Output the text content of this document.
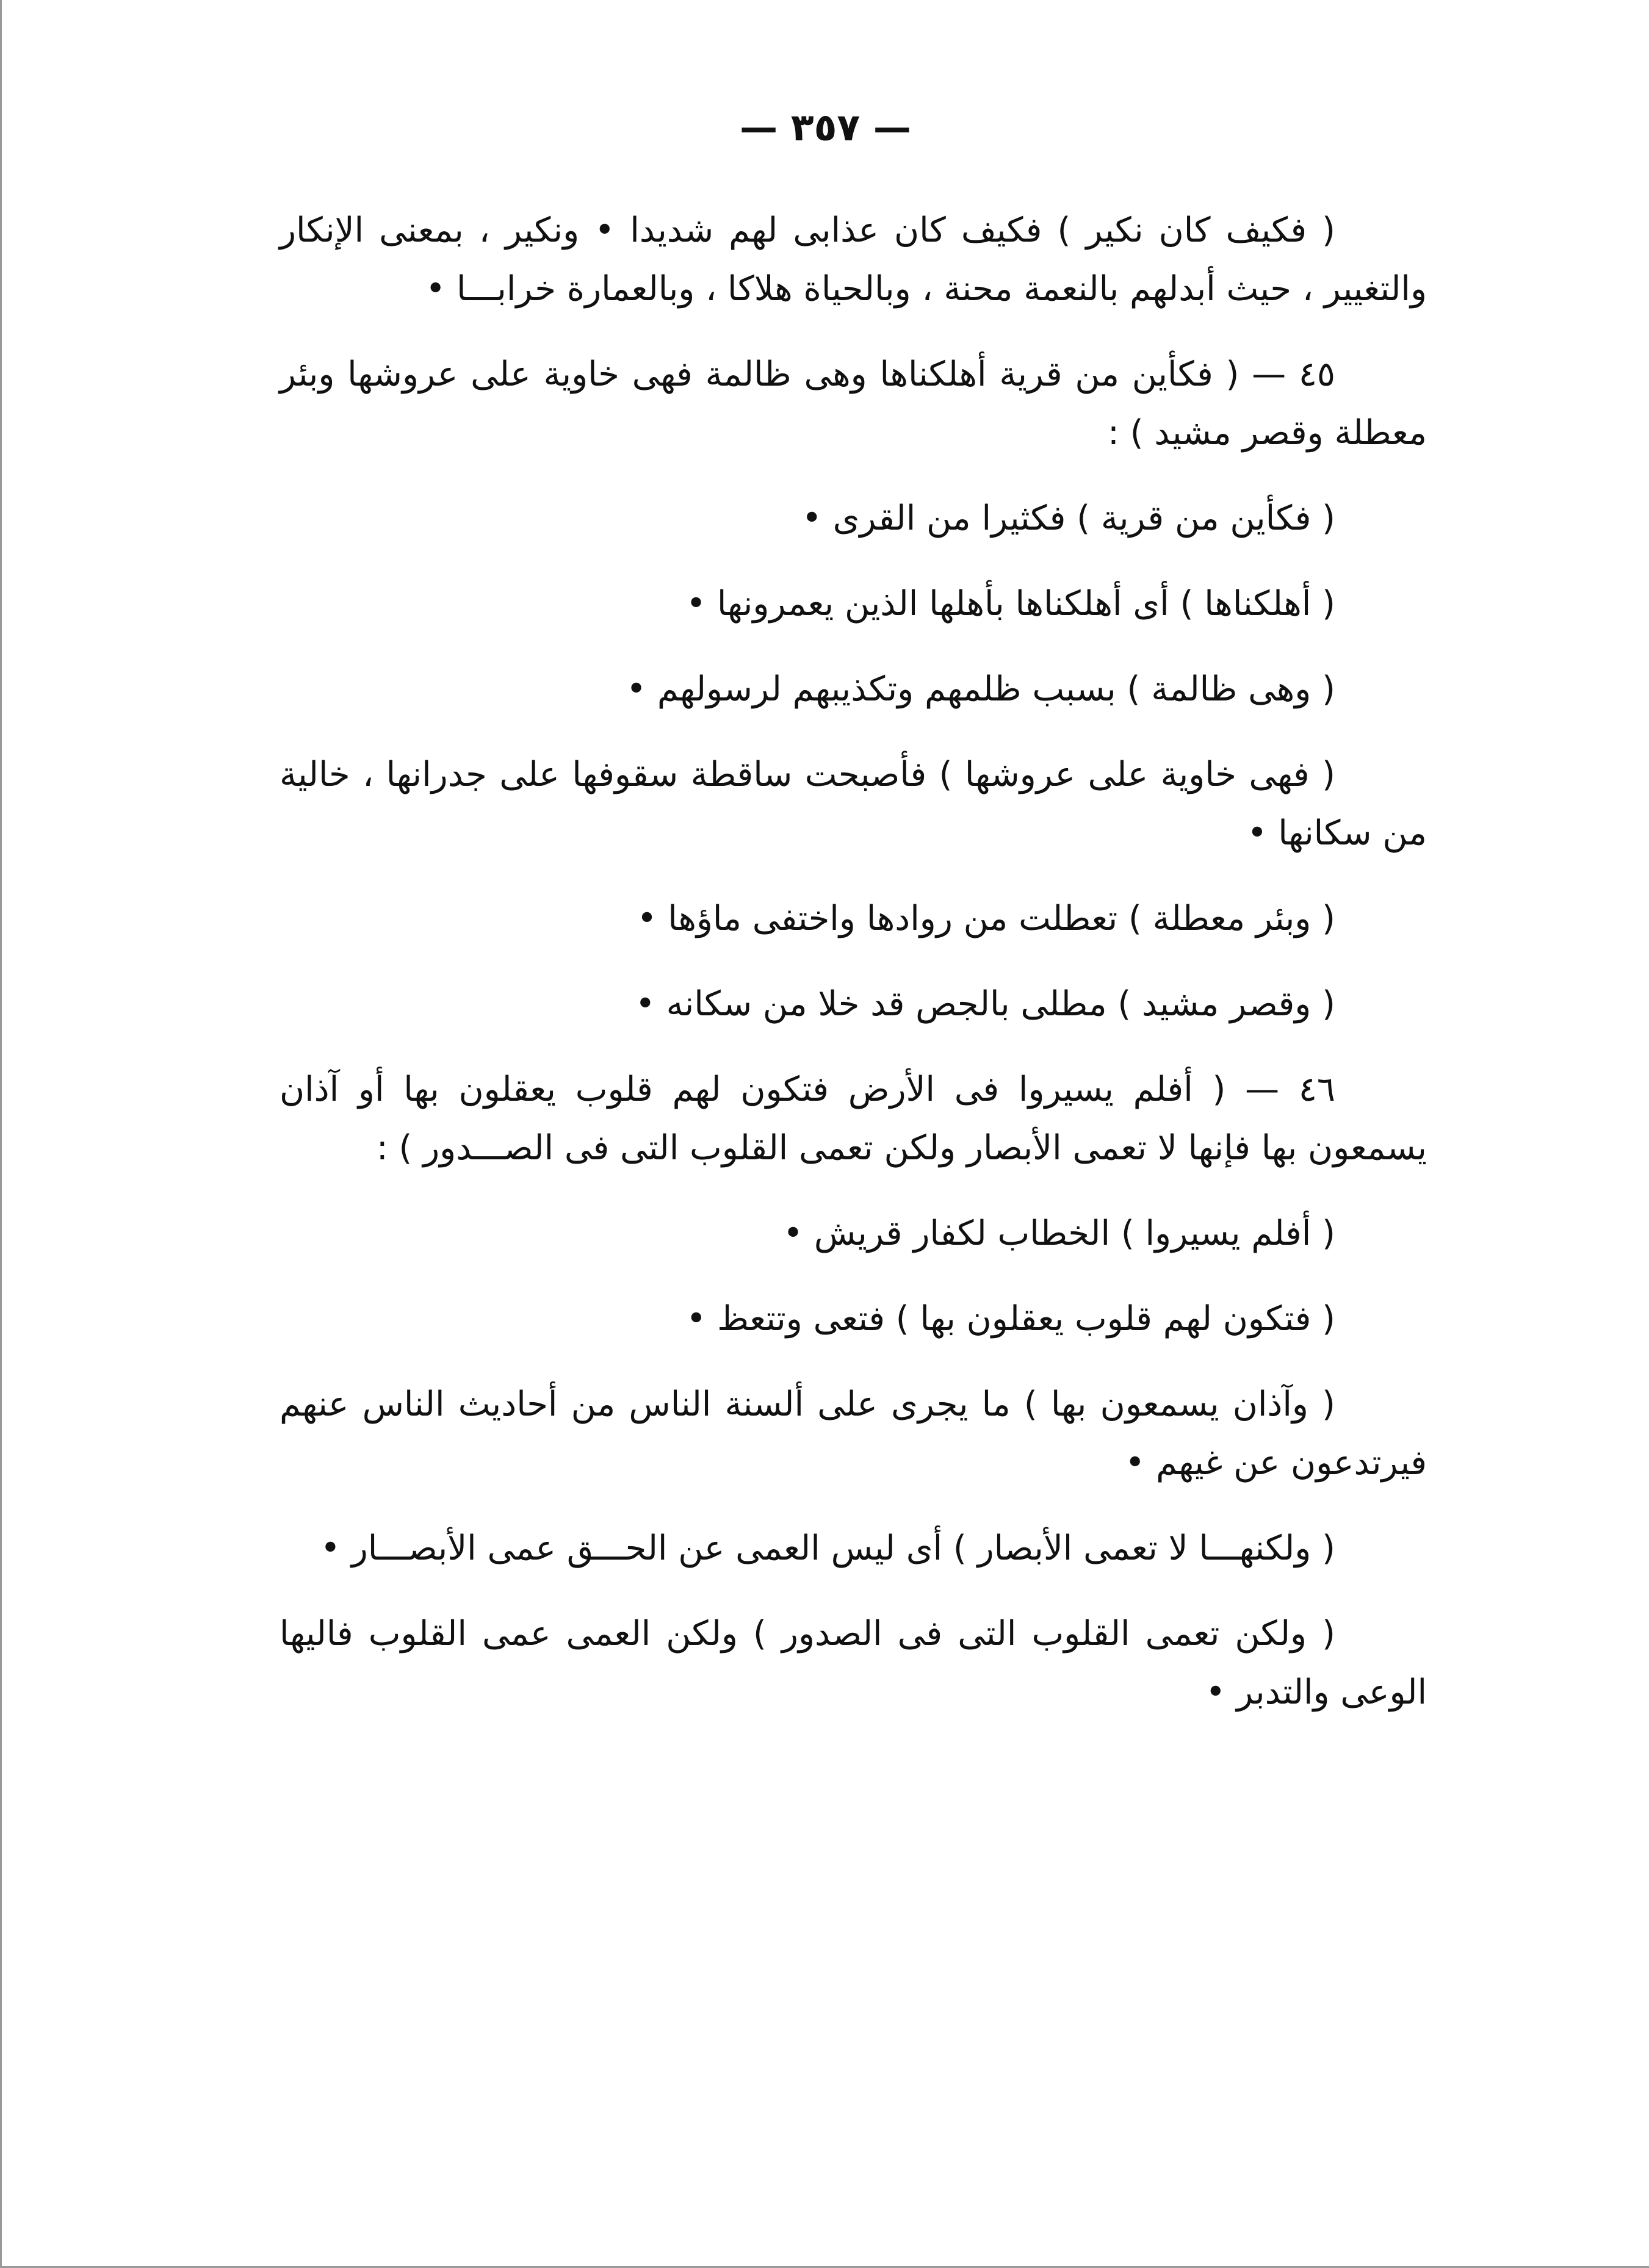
— ٣٥٧ —

( فكيف كان نكير ) فكيف كان عذابى لهم شديدا • ونكير ، بمعنى الإنكار والتغيير ، حيث أبدلهم بالنعمة محنة ، وبالحياة هلاكا ، وبالعمارة خرابـــا •

٤٥ — ( فكأين من قرية أهلكناها وهى ظالمة فهى خاوية على عروشها وبئر معطلة وقصر مشيد ) :

( فكأين من قرية ) فكثيرا من القرى •

( أهلكناها ) أى أهلكناها بأهلها الذين يعمرونها •

( وهى ظالمة ) بسبب ظلمهم وتكذيبهم لرسولهم •

( فهى خاوية على عروشها ) فأصبحت ساقطة سقوفها على جدرانها ، خالية من سكانها •

( وبئر معطلة ) تعطلت من روادها واختفى ماؤها •

( وقصر مشيد ) مطلى بالجص قد خلا من سكانه •

٤٦ — ( أفلم يسيروا فى الأرض فتكون لهم قلوب يعقلون بها أو آذان يسمعون بها فإنها لا تعمى الأبصار ولكن تعمى القلوب التى فى الصـــدور ) :

( أفلم يسيروا ) الخطاب لكفار قريش •

( فتكون لهم قلوب يعقلون بها ) فتعى وتتعظ •

( وآذان يسمعون بها ) ما يجرى على ألسنة الناس من أحاديث الناس عنهم فيرتدعون عن غيهم •

( ولكنهـــا لا تعمى الأبصار ) أى ليس العمى عن الحـــق عمى الأبصـــار •

( ولكن تعمى القلوب التى فى الصدور ) ولكن العمى عمى القلوب فاليها الوعى والتدبر •
